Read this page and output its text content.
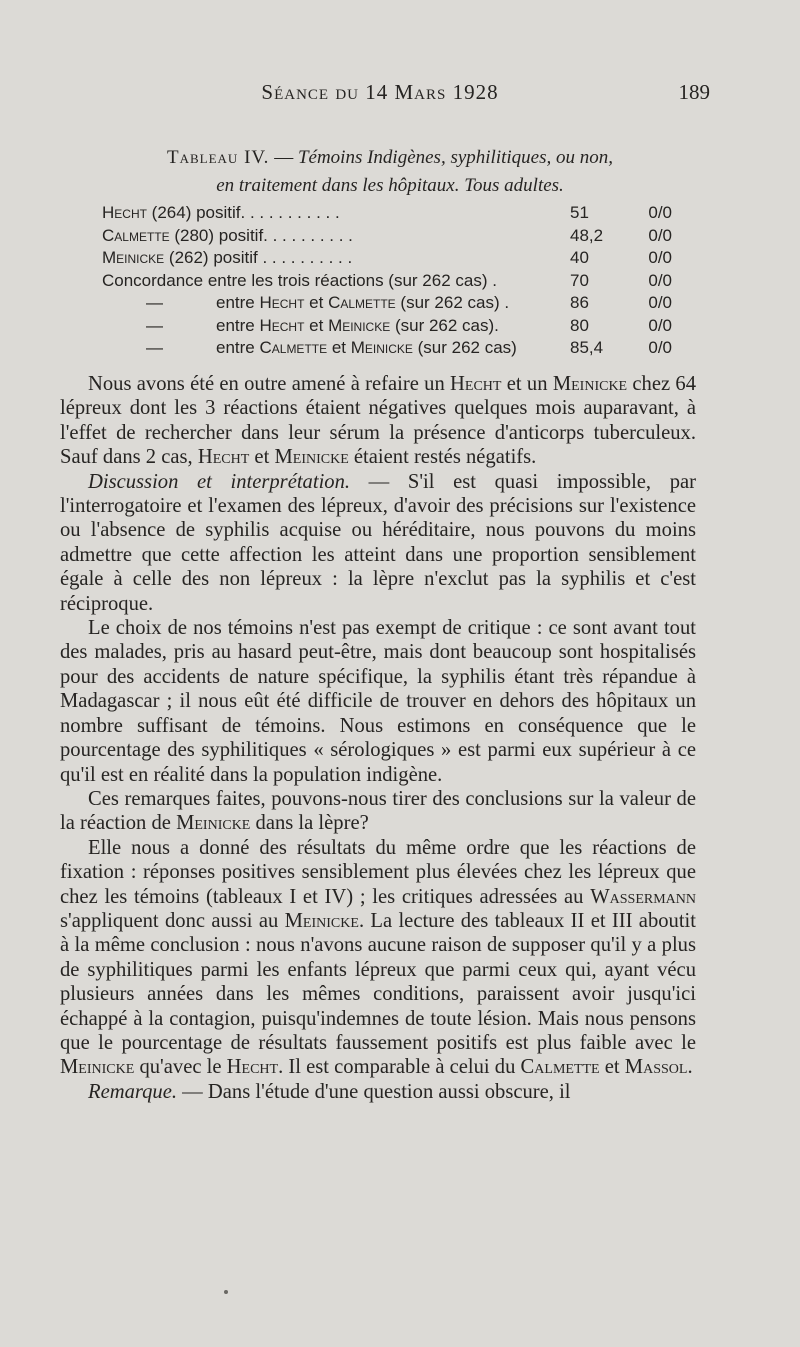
Séance du 14 Mars 1928	189
Tableau IV. — Témoins Indigènes, syphilitiques, ou non,
en traitement dans les hôpitaux. Tous adultes.
Hecht (264) positif. . . . . . . . . . .	51	0/0
Calmette (280) positif. . . . . . . . . .	48,2	0/0
Meinicke (262) positif . . . . . . . . . .	40	0/0
Concordance entre les trois réactions (sur 262 cas) .	70	0/0
—	entre Hecht et Calmette (sur 262 cas) .	86	0/0
—	entre Hecht et Meinicke (sur 262 cas).	80	0/0
—	entre Calmette et Meinicke (sur 262 cas)	85,4	0/0

Nous avons été en outre amené à refaire un Hecht et un Meinicke chez 64 lépreux dont les 3 réactions étaient négatives quelques mois auparavant, à l'effet de rechercher dans leur sérum la présence d'anticorps tuberculeux. Sauf dans 2 cas, Hecht et Meinicke étaient restés négatifs.

Discussion et interprétation. — S'il est quasi impossible, par l'interrogatoire et l'examen des lépreux, d'avoir des précisions sur l'existence ou l'absence de syphilis acquise ou héréditaire, nous pouvons du moins admettre que cette affection les atteint dans une proportion sensiblement égale à celle des non lépreux : la lèpre n'exclut pas la syphilis et c'est réciproque.

Le choix de nos témoins n'est pas exempt de critique : ce sont avant tout des malades, pris au hasard peut-être, mais dont beaucoup sont hospitalisés pour des accidents de nature spécifique, la syphilis étant très répandue à Madagascar ; il nous eût été difficile de trouver en dehors des hôpitaux un nombre suffisant de témoins. Nous estimons en conséquence que le pourcentage des syphilitiques « sérologiques » est parmi eux supérieur à ce qu'il est en réalité dans la population indigène.

Ces remarques faites, pouvons-nous tirer des conclusions sur la valeur de la réaction de Meinicke dans la lèpre?

Elle nous a donné des résultats du même ordre que les réactions de fixation : réponses positives sensiblement plus élevées chez les lépreux que chez les témoins (tableaux I et IV) ; les critiques adressées au Wassermann s'appliquent donc aussi au Meinicke. La lecture des tableaux II et III aboutit à la même conclusion : nous n'avons aucune raison de supposer qu'il y a plus de syphilitiques parmi les enfants lépreux que parmi ceux qui, ayant vécu plusieurs années dans les mêmes conditions, paraissent avoir jusqu'ici échappé à la contagion, puisqu'indemnes de toute lésion. Mais nous pensons que le pourcentage de résultats faussement positifs est plus faible avec le Meinicke qu'avec le Hecht. Il est comparable à celui du Calmette et Massol.

Remarque. — Dans l'étude d'une question aussi obscure, il
